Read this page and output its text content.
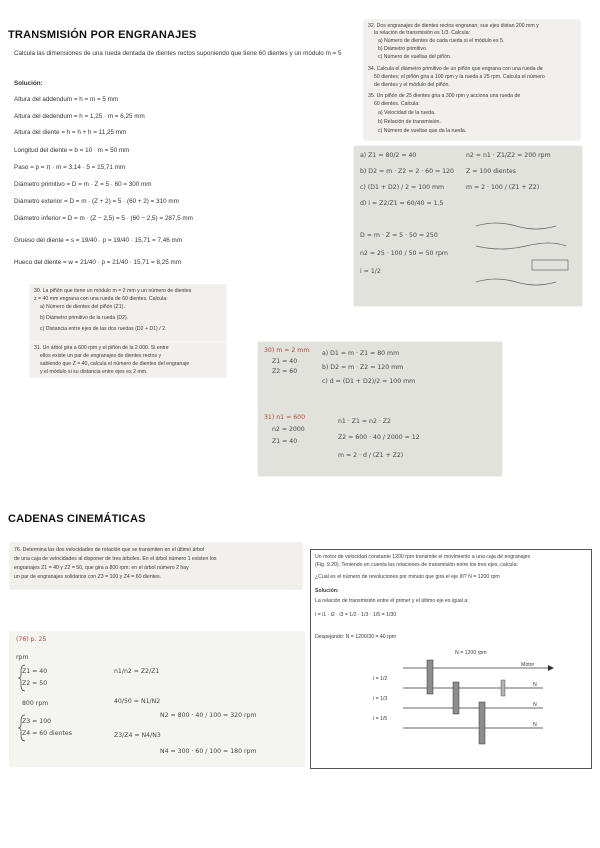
TRANSMISIÓN POR ENGRANAJES
Calcula las dimensiones de una rueda dentada de dientes rectos suponiendo que tiene 60 dientes y un módulo m = 5
Solución:
Altura del addendum = h = m = 5 mm
Altura del dedendum = h = 1,25 · m = 6,25 mm
Altura del diente = h = h + h = 11,25 mm
Longitud del diente = b = 10 · m = 50 mm
Paso = p = π · m = 3,14 · 5 = 15,71 mm
Diámetro primitivo = D = m · Z = 5 · 60 = 300 mm
Diámetro exterior = D = m · (Z + 2) = 5 · (60 + 2) = 310 mm
Diámetro inferior = D = m · (Z − 2,5) = 5 · (60 − 2,5) = 287,5 mm
Grueso del diente = s = 19/40 · p = 19/40 · 15,71 = 7,46 mm
Hueco del diente = w = 21/40 · p = 21/40 · 15,71 = 8,25 mm
30. La piñón que tiene un módulo m = 2 mm y un número de dientes
z = 40 mm engrana con una rueda de 60 dientes. Calcula:
a) Número de dientes del piñón (Z1).
b) Diámetro primitivo de la rueda (D2).
c) Distancia entre ejes de las dos ruedas (D2 + D1) / 2.
31. Un árbol gira a 600 rpm y el piñón de la 2.000. Si entre
ellos existe un par de engranajes de dientes rectos y
sabiendo que Z = 40, calcula el número de dientes del engranaje
y el módulo si su distancia entre ejes es 2 mm.
32. Dos engranajes de dientes rectos engranan; sus ejes distan 200 mm y
la relación de transmisión es 1/3. Calcula:
a) Número de dientes de cada rueda si el módulo es 5.
b) Diámetro primitivo.
c) Número de vueltas del piñón.
34. Calcula el diámetro primitivo de un piñón que engrana con una rueda de
50 dientes; el piñón gira a 100 rpm y la rueda a 25 rpm. Calcula el número
de dientes y el módulo del piñón.
35. Un piñón de 25 dientes gira a 300 rpm y acciona una rueda de
60 dientes. Calcula:
a) Velocidad de la rueda.
b) Relación de transmisión.
c) Número de vueltas que da la rueda.
a) Z1 = 80/2 = 40
b) D2 = m · Z2 = 2 · 60 = 120
c) (D1 + D2) / 2 = 100 mm
d) i = Z2/Z1 = 60/40 = 1,5
n2 = n1 · Z1/Z2 = 200 rpm
Z = 100 dientes
m = 2 · 100 / (Z1 + Z2)
D = m · Z = 5 · 50 = 250
n2 = 25 · 100 / 50 = 50 rpm
i = 1/2
30) m = 2 mm
Z1 = 40
Z2 = 60
a) D1 = m · Z1 = 80 mm
b) D2 = m · Z2 = 120 mm
c) d = (D1 + D2)/2 = 100 mm
31) n1 = 600
n2 = 2000
Z1 = 40
n1 · Z1 = n2 · Z2
Z2 = 600 · 40 / 2000 = 12
m = 2 · d / (Z1 + Z2)
CADENAS CINEMÁTICAS
76. Determina las dos velocidades de rotación que se transmiten en el último árbol
de una caja de velocidades al disponer de tres árboles. En el árbol número 1 existen los
engranajes Z1 = 40 y Z2 = 50, que gira a 800 rpm; en el árbol número 2 hay
un par de engranajes solidarios con Z3 = 100 y Z4 = 60 dientes.
(76) p. 25
rpm
Z1 = 40
Z2 = 50
800 rpm
Z3 = 100
Z4 = 60 dientes
n1/n2 = Z2/Z1
40/50 = N1/N2
N2 = 800 · 40 / 100 = 320 rpm
Z3/Z4 = N4/N3
N4 = 300 · 60 / 100 = 180 rpm
Un motor de velocidad constante 1200 rpm transmite el movimiento a una caja de engranajes
(Fig. 9.20). Teniendo en cuenta las relaciones de transmisión entre los tres ejes, calcula:
¿Cuál es el número de revoluciones por minuto que gira el eje III? N = 1200 rpm
Solución:
La relación de transmisión entre el primer y el último eje es igual a:
i = i1 · i2 · i3 = 1/2 · 1/3 · 1/5 = 1/30
Despejando: N = 1200/30 = 40 rpm
N = 1200 rpm
Motor
i = 1/2
i = 1/3
i = 1/5
N
N
N
